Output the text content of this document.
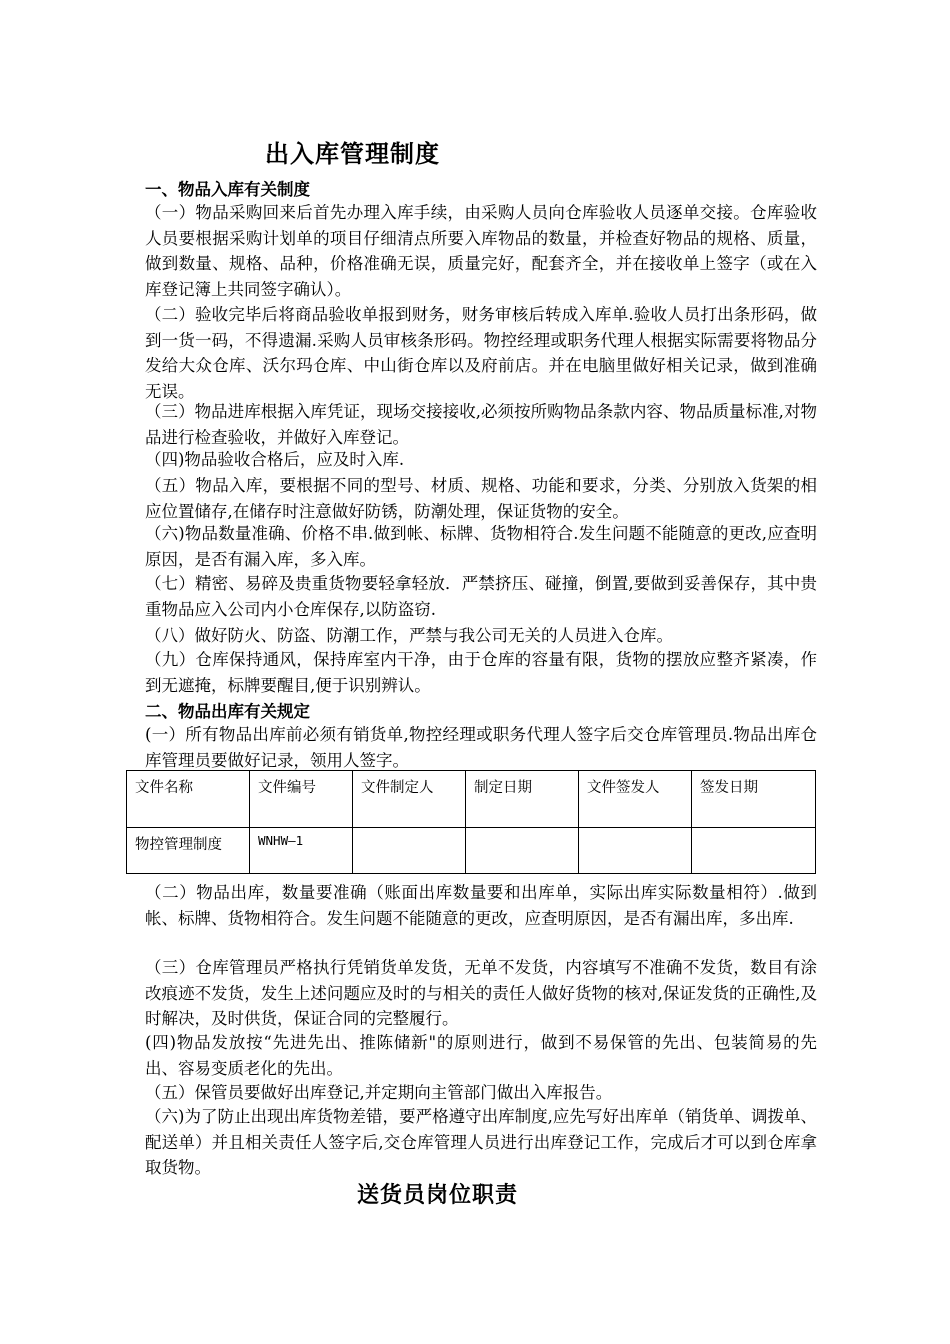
出入库管理制度
一、物品入库有关制度
（一）物品采购回来后首先办理入库手续，由采购人员向仓库验收人员逐单交接。仓库验收人员要根据采购计划单的项目仔细清点所要入库物品的数量，并检查好物品的规格、质量，做到数量、规格、品种，价格准确无误，质量完好，配套齐全，并在接收单上签字（或在入库登记簿上共同签字确认）。
（二）验收完毕后将商品验收单报到财务，财务审核后转成入库单.验收人员打出条形码，做到一货一码，不得遗漏.采购人员审核条形码。物控经理或职务代理人根据实际需要将物品分发给大众仓库、沃尔玛仓库、中山街仓库以及府前店。并在电脑里做好相关记录，做到准确无误。
（三）物品进库根据入库凭证，现场交接接收,必须按所购物品条款内容、物品质量标准,对物品进行检查验收，并做好入库登记。
（四)物品验收合格后，应及时入库.
（五）物品入库，要根据不同的型号、材质、规格、功能和要求，分类、分别放入货架的相应位置储存,在储存时注意做好防锈，防潮处理，保证货物的安全。
（六)物品数量准确、价格不串.做到帐、标牌、货物相符合.发生问题不能随意的更改,应查明原因，是否有漏入库，多入库。
（七）精密、易碎及贵重货物要轻拿轻放．严禁挤压、碰撞，倒置,要做到妥善保存，其中贵重物品应入公司内小仓库保存,以防盗窃.
（八）做好防火、防盗、防潮工作，严禁与我公司无关的人员进入仓库。
（九）仓库保持通风，保持库室内干净，由于仓库的容量有限，货物的摆放应整齐紧凑，作到无遮掩，标牌要醒目,便于识别辨认。
二、物品出库有关规定
(一）所有物品出库前必须有销货单,物控经理或职务代理人签字后交仓库管理员.物品出库仓库管理员要做好记录，领用人签字。
文件名称	文件编号	文件制定人	制定日期	文件签发人	签发日期
物控管理制度	WNHW—1				
（二）物品出库，数量要准确（账面出库数量要和出库单，实际出库实际数量相符）.做到帐、标牌、货物相符合。发生问题不能随意的更改，应查明原因，是否有漏出库，多出库.
（三）仓库管理员严格执行凭销货单发货，无单不发货，内容填写不准确不发货，数目有涂改痕迹不发货，发生上述问题应及时的与相关的责任人做好货物的核对,保证发货的正确性,及时解决，及时供货，保证合同的完整履行。
(四)物品发放按“先进先出、推陈储新"的原则进行，做到不易保管的先出、包装简易的先出、容易变质老化的先出。
（五）保管员要做好出库登记,并定期向主管部门做出入库报告。
（六)为了防止出现出库货物差错，要严格遵守出库制度,应先写好出库单（销货单、调拨单、配送单）并且相关责任人签字后,交仓库管理人员进行出库登记工作，完成后才可以到仓库拿取货物。
送货员岗位职责
